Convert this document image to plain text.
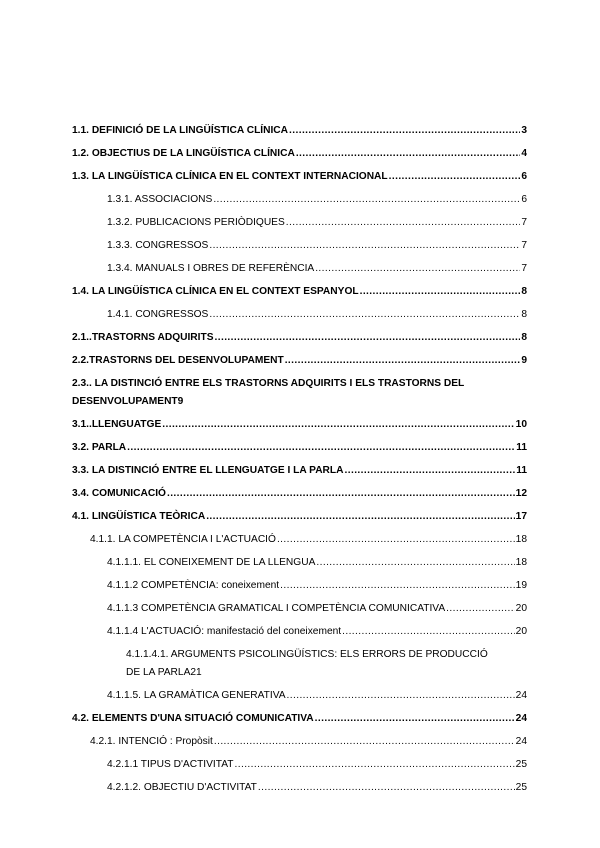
1.1. DEFINICIÓ DE LA LINGÜÍSTICA CLÍNICA .....	3
1.2. OBJECTIUS DE LA LINGÜÍSTICA CLÍNICA .....	4
1.3. LA LINGÜÍSTICA CLÍNICA EN EL CONTEXT INTERNACIONAL .....	6
1.3.1. ASSOCIACIONS .....	6
1.3.2. PUBLICACIONS PERIÒDIQUES .....	7
1.3.3. CONGRESSOS .....	7
1.3.4. MANUALS I OBRES DE REFERÈNCIA .....	7
1.4. LA LINGÜÍSTICA CLÍNICA EN EL CONTEXT ESPANYOL .....	8
1.4.1. CONGRESSOS .....	8
2.1..TRASTORNS ADQUIRITS .....	8
2.2.TRASTORNS DEL DESENVOLUPAMENT .....	9
2.3.. LA DISTINCIÓ ENTRE ELS TRASTORNS ADQUIRITS I ELS TRASTORNS DEL
DESENVOLUPAMENT 9
3.1..LLENGUATGE .....	10
3.2. PARLA .....	11
3.3. LA DISTINCIÓ ENTRE EL LLENGUATGE I LA PARLA .....	11
3.4. COMUNICACIÓ .....	12
4.1. LINGÜÍSTICA TEÒRICA .....	17
4.1.1. LA COMPETÈNCIA I L'ACTUACIÓ .....	18
4.1.1.1. EL CONEIXEMENT DE LA LLENGUA .....	18
4.1.1.2 COMPETÈNCIA: coneixement .....	19
4.1.1.3 COMPETÈNCIA GRAMATICAL I COMPETÈNCIA COMUNICATIVA .....	20
4.1.1.4 L'ACTUACIÓ: manifestació del coneixement .....	20
4.1.1.4.1. ARGUMENTS PSICOLINGÜÍSTICS: ELS ERRORS DE PRODUCCIÓ
DE LA PARLA 21
4.1.1.5. LA GRAMÀTICA GENERATIVA .....	24
4.2. ELEMENTS D'UNA SITUACIÓ COMUNICATIVA .....	24
4.2.1. INTENCIÓ : Propòsit .....	24
4.2.1.1 TIPUS D'ACTIVITAT .....	25
4.2.1.2. OBJECTIU D'ACTIVITAT .....	25
